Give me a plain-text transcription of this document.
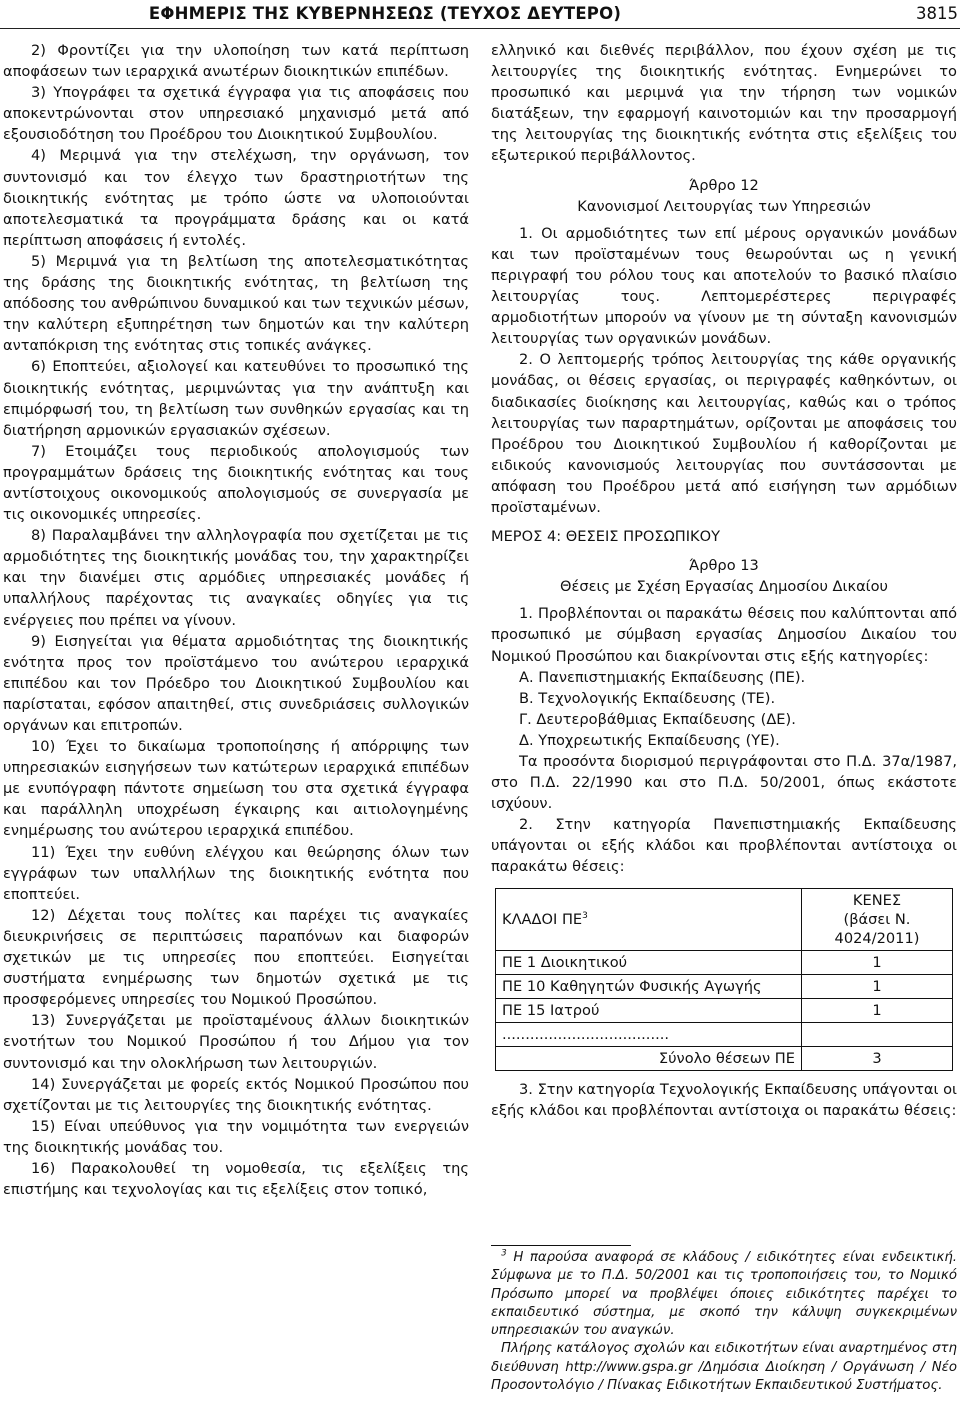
ΕΦΗΜΕΡΙΣ ΤΗΣ ΚΥΒΕΡΝΗΣΕΩΣ (ΤΕΥΧΟΣ ΔΕΥΤΕΡΟ)	3815

2) Φροντίζει για την υλοποίηση των κατά περίπτωση αποφάσεων των ιεραρχικά ανωτέρων διοικητικών επιπέδων.

3) Υπογράφει τα σχετικά έγγραφα για τις αποφάσεις που αποκεντρώνονται στον υπηρεσιακό μηχανισμό μετά από εξουσιοδότηση του Προέδρου του Διοικητικού Συμβουλίου.

4) Μεριμνά για την στελέχωση, την οργάνωση, τον συντονισμό και τον έλεγχο των δραστηριοτήτων της διοικητικής ενότητας με τρόπο ώστε να υλοποιούνται αποτελεσματικά τα προγράμματα δράσης και οι κατά περίπτωση αποφάσεις ή εντολές.

5) Μεριμνά για τη βελτίωση της αποτελεσματικότητας της δράσης της διοικητικής ενότητας, τη βελτίωση της απόδοσης του ανθρώπινου δυναμικού και των τεχνικών μέσων, την καλύτερη εξυπηρέτηση των δημοτών και την καλύτερη ανταπόκριση της ενότητας στις τοπικές ανάγκες.

6) Εποπτεύει, αξιολογεί και κατευθύνει το προσωπικό της διοικητικής ενότητας, μεριμνώντας για την ανάπτυξη και επιμόρφωσή του, τη βελτίωση των συνθηκών εργασίας και τη διατήρηση αρμονικών εργασιακών σχέσεων.

7) Ετοιμάζει τους περιοδικούς απολογισμούς των προγραμμάτων δράσεις της διοικητικής ενότητας και τους αντίστοιχους οικονομικούς απολογισμούς σε συνεργασία με τις οικονομικές υπηρεσίες.

8) Παραλαμβάνει την αλληλογραφία που σχετίζεται με τις αρμοδιότητες της διοικητικής μονάδας του, την χαρακτηρίζει και την διανέμει στις αρμόδιες υπηρεσιακές μονάδες ή υπαλλήλους παρέχοντας τις αναγκαίες οδηγίες για τις ενέργειες που πρέπει να γίνουν.

9) Εισηγείται για θέματα αρμοδιότητας της διοικητικής ενότητα προς τον προϊστάμενο του ανώτερου ιεραρχικά επιπέδου και τον Πρόεδρο του Διοικητικού Συμβουλίου και παρίσταται, εφόσον απαιτηθεί, στις συνεδριάσεις συλλογικών οργάνων και επιτροπών.

10) Έχει το δικαίωμα τροποποίησης ή απόρριψης των υπηρεσιακών εισηγήσεων των κατώτερων ιεραρχικά επιπέδων με ενυπόγραφη πάντοτε σημείωση του στα σχετικά έγγραφα και παράλληλη υποχρέωση έγκαιρης και αιτιολογημένης ενημέρωσης του ανώτερου ιεραρχικά επιπέδου.

11) Έχει την ευθύνη ελέγχου και θεώρησης όλων των εγγράφων των υπαλλήλων της διοικητικής ενότητα που εποπτεύει.

12) Δέχεται τους πολίτες και παρέχει τις αναγκαίες διευκρινήσεις σε περιπτώσεις παραπόνων και διαφορών σχετικών με τις υπηρεσίες που εποπτεύει. Εισηγείται συστήματα ενημέρωσης των δημοτών σχετικά με τις προσφερόμενες υπηρεσίες του Νομικού Προσώπου.

13) Συνεργάζεται με προϊσταμένους άλλων διοικητικών ενοτήτων του Νομικού Προσώπου ή του Δήμου για τον συντονισμό και την ολοκλήρωση των λειτουργιών.

14) Συνεργάζεται με φορείς εκτός Νομικού Προσώπου που σχετίζονται με τις λειτουργίες της διοικητικής ενότητας.

15) Είναι υπεύθυνος για την νομιμότητα των ενεργειών της διοικητικής μονάδας του.

16) Παρακολουθεί τη νομοθεσία, τις εξελίξεις της επιστήμης και τεχνολογίας και τις εξελίξεις στον τοπικό,

ελληνικό και διεθνές περιβάλλον, που έχουν σχέση με τις λειτουργίες της διοικητικής ενότητας. Ενημερώνει το προσωπικό και μεριμνά για την τήρηση των νομικών διατάξεων, την εφαρμογή καινοτομιών και την προσαρμογή της λειτουργίας της διοικητικής ενότητα στις εξελίξεις του εξωτερικού περιβάλλοντος.

Άρθρο 12

Κανονισμοί Λειτουργίας των Υπηρεσιών

1. Οι αρμοδιότητες των επί μέρους οργανικών μονάδων και των προϊσταμένων τους θεωρούνται ως η γενική περιγραφή του ρόλου τους και αποτελούν το βασικό πλαίσιο λειτουργίας τους. Λεπτομερέστερες περιγραφές αρμοδιοτήτων μπορούν να γίνουν με τη σύνταξη κανονισμών λειτουργίας των οργανικών μονάδων.

2. Ο λεπτομερής τρόπος λειτουργίας της κάθε οργανικής μονάδας, οι θέσεις εργασίας, οι περιγραφές καθηκόντων, οι διαδικασίες διοίκησης και λειτουργίας, καθώς και ο τρόπος λειτουργίας των παραρτημάτων, ορίζονται με αποφάσεις του Προέδρου του Διοικητικού Συμβουλίου ή καθορίζονται με ειδικούς κανονισμούς λειτουργίας που συντάσσονται με απόφαση του Προέδρου μετά από εισήγηση των αρμόδιων προϊσταμένων.

ΜΕΡΟΣ 4: ΘΕΣΕΙΣ ΠΡΟΣΩΠΙΚΟΥ

Άρθρο 13

Θέσεις με Σχέση Εργασίας Δημοσίου Δικαίου

1. Προβλέπονται οι παρακάτω θέσεις που καλύπτονται από προσωπικό με σύμβαση εργασίας Δημοσίου Δικαίου του Νομικού Προσώπου και διακρίνονται στις εξής κατηγορίες:

Α. Πανεπιστημιακής Εκπαίδευσης (ΠΕ).

Β. Τεχνολογικής Εκπαίδευσης (ΤΕ).

Γ. Δευτεροβάθμιας Εκπαίδευσης (ΔΕ).

Δ. Υποχρεωτικής Εκπαίδευσης (ΥΕ).

Τα προσόντα διορισμού περιγράφονται στο Π.Δ. 37α/1987, στο Π.Δ. 22/1990 και στο Π.Δ. 50/2001, όπως εκάστοτε ισχύουν.

2. Στην κατηγορία Πανεπιστημιακής Εκπαίδευσης υπάγονται οι εξής κλάδοι και προβλέπονται αντίστοιχα οι παρακάτω θέσεις:

ΚΛΑΔΟΙ $\Pi E^3$	ΚΕΝΕΣ
(βάσει Ν. 4024/2011)
ΠΕ 1 Διοικητικού	1
ΠΕ 10 Καθηγητών Φυσικής Αγωγής	1
ΠΕ 15 Ιατρού	1
....................................	
Σύνολο θέσεων ΠΕ	3

3. Στην κατηγορία Τεχνολογικής Εκπαίδευσης υπάγονται οι εξής κλάδοι και προβλέπονται αντίστοιχα οι παρακάτω θέσεις:

$^3$ Η παρούσα αναφορά σε κλάδους / ειδικότητες είναι ενδεικτική. Σύμφωνα με το Π.Δ. 50/2001 και τις τροποποιήσεις του, το Νομικό Πρόσωπο μπορεί να προβλέψει όποιες ειδικότητες παρέχει το εκπαιδευτικό σύστημα, με σκοπό την κάλυψη συγκεκριμένων υπηρεσιακών του αναγκών.

Πλήρης κατάλογος σχολών και ειδικοτήτων είναι αναρτημένος στη διεύθυνση http://www.gspa.gr /Δημόσια Διοίκηση / Οργάνωση / Νέο Προσοντολόγιο / Πίνακας Ειδικοτήτων Εκπαιδευτικού Συστήματος.
